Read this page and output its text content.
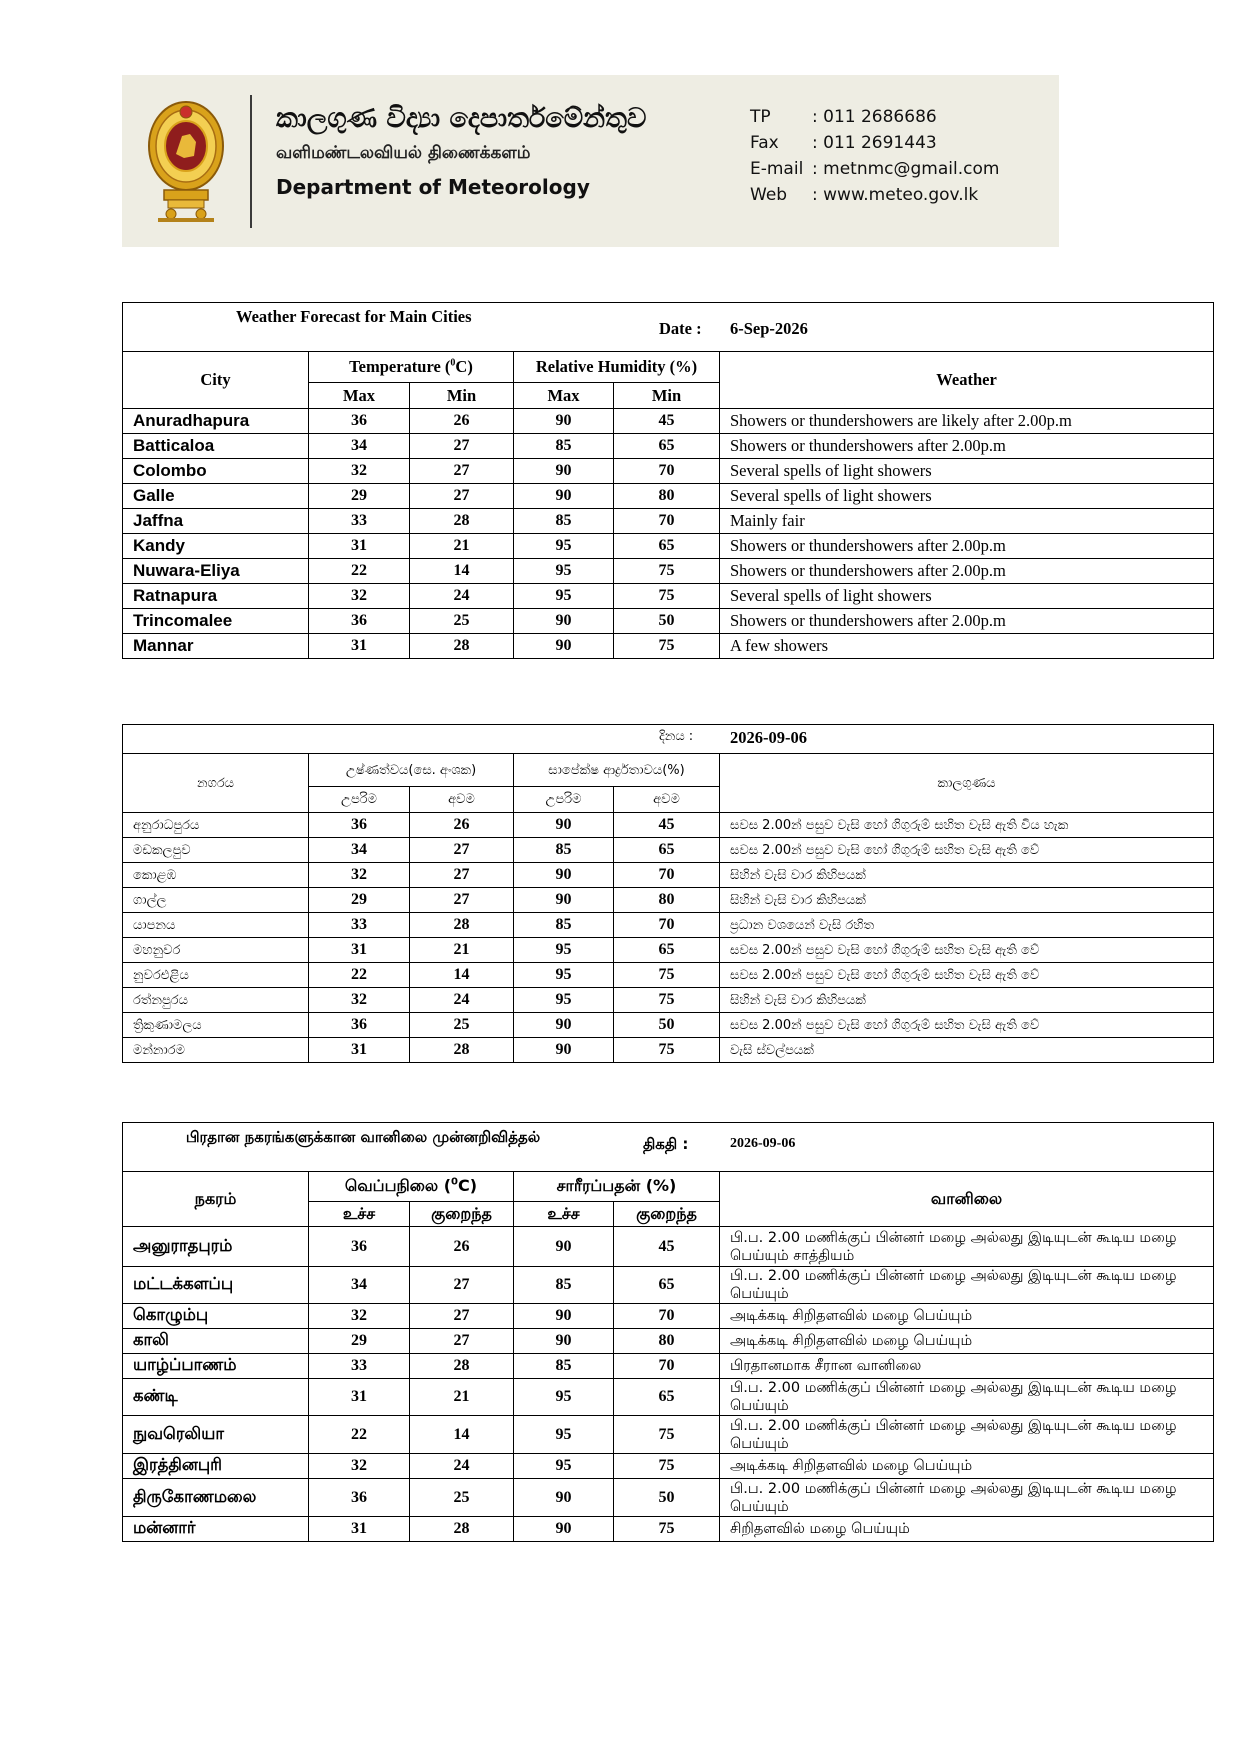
කාලගුණ විද්‍යා දෙපාර්තමේන්තුව
வளிமண்டலவியல் திணைக்களம்
Department of Meteorology
TP	: 011 2686686
Fax	: 011 2691443
E-mail : metnmc@gmail.com
Web	: www.meteo.gov.lk
Weather Forecast for Main Cities
Date : 6-Sep-2026					

City	Temperature ($^0$C)		Relative Humidity (%)		Weather
	Max	Min	Max	Min	
Anuradhapura	36	26	90	45	Showers or thundershowers are likely after 2.00p.m
Batticaloa	34	27	85	65	Showers or thundershowers after 2.00p.m
Colombo	32	27	90	70	Several spells of light showers
Galle	29	27	90	80	Several spells of light showers
Jaffna	33	28	85	70	Mainly fair
Kandy	31	21	95	65	Showers or thundershowers after 2.00p.m
Nuwara-Eliya	22	14	95	75	Showers or thundershowers after 2.00p.m
Ratnapura	32	24	95	75	Several spells of light showers
Trincomalee	36	25	90	50	Showers or thundershowers after 2.00p.m
Mannar	31	28	90	75	A few showers
දිනය : 2026-09-06					

නගරය	උෂ්ණත්වය(සෙ. අංශක)		සාපේක්ෂ ආර්ද්‍රතාවය(%)		කාලගුණය
	උපරිම	අවම	උපරිම	අවම	
අනුරාධපුරය	36	26	90	45	සවස 2.00න් පසුව වැසි හෝ ගිගුරුම් සහිත වැසි ඇති විය හැක
මඩකලපුව	34	27	85	65	සවස 2.00න් පසුව වැසි හෝ ගිගුරුම් සහිත වැසි ඇති වේ
කොළඹ	32	27	90	70	සිහින් වැසි වාර කිහිපයක්
ගාල්ල	29	27	90	80	සිහින් වැසි වාර කිහිපයක්
යාපනය	33	28	85	70	ප්‍රධාන වශයෙන් වැසි රහිත
මහනුවර	31	21	95	65	සවස 2.00න් පසුව වැසි හෝ ගිගුරුම් සහිත වැසි ඇති වේ
නුවරඑළිය	22	14	95	75	සවස 2.00න් පසුව වැසි හෝ ගිගුරුම් සහිත වැසි ඇති වේ
රත්නපුරය	32	24	95	75	සිහින් වැසි වාර කිහිපයක්
ත්‍රිකුණාමලය	36	25	90	50	සවස 2.00න් පසුව වැසි හෝ ගිගුරුම් සහිත වැසි ඇති වේ
මන්නාරම	31	28	90	75	වැසි ස්වල්පයක්
பிரதான நகரங்களுக்கான வானிலை முன்னறிவித்தல் திகதி : 2026-09-06					

நகரம்	வெப்பநிலை ($^0$C)		சாரீரப்பதன் (%)		வானிலை
	உச்ச	குறைந்த	உச்ச	குறைந்த	
அனுராதபுரம்	36	26	90	45	பி.ப. 2.00 மணிக்குப் பின்னர் மழை அல்லது இடியுடன் கூடிய மழை பெய்யும் சாத்தியம்
மட்டக்களப்பு	34	27	85	65	பி.ப. 2.00 மணிக்குப் பின்னர் மழை அல்லது இடியுடன் கூடிய மழை பெய்யும்
கொழும்பு	32	27	90	70	அடிக்கடி சிறிதளவில் மழை பெய்யும்
காலி	29	27	90	80	அடிக்கடி சிறிதளவில் மழை பெய்யும்
யாழ்ப்பாணம்	33	28	85	70	பிரதானமாக சீரான வானிலை
கண்டி	31	21	95	65	பி.ப. 2.00 மணிக்குப் பின்னர் மழை அல்லது இடியுடன் கூடிய மழை பெய்யும்
நுவரெலியா	22	14	95	75	பி.ப. 2.00 மணிக்குப் பின்னர் மழை அல்லது இடியுடன் கூடிய மழை பெய்யும்
இரத்தினபுரி	32	24	95	75	அடிக்கடி சிறிதளவில் மழை பெய்யும்
திருகோணமலை	36	25	90	50	பி.ப. 2.00 மணிக்குப் பின்னர் மழை அல்லது இடியுடன் கூடிய மழை பெய்யும்
மன்னார்	31	28	90	75	சிறிதளவில் மழை பெய்யும்
